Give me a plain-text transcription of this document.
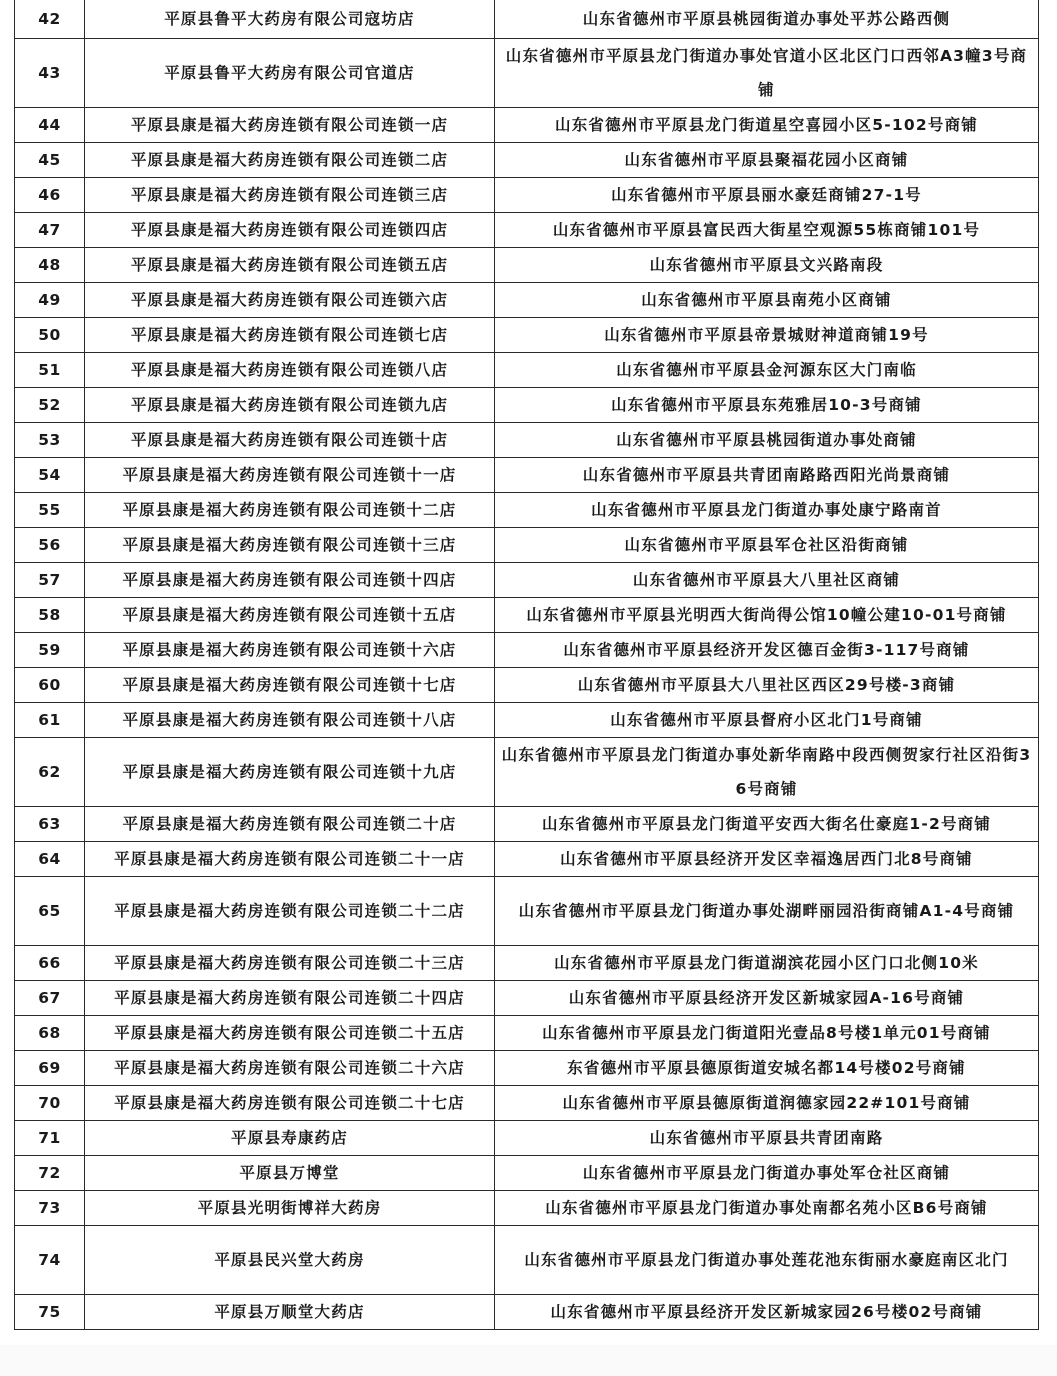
42	平原县鲁平大药房有限公司寇坊店	山东省德州市平原县桃园街道办事处平苏公路西侧
43	平原县鲁平大药房有限公司官道店	山东省德州市平原县龙门街道办事处官道小区北区门口西邻A3幢3号商铺
44	平原县康是福大药房连锁有限公司连锁一店	山东省德州市平原县龙门街道星空喜园小区5-102号商铺
45	平原县康是福大药房连锁有限公司连锁二店	山东省德州市平原县聚福花园小区商铺
46	平原县康是福大药房连锁有限公司连锁三店	山东省德州市平原县丽水豪廷商铺27-1号
47	平原县康是福大药房连锁有限公司连锁四店	山东省德州市平原县富民西大街星空观源55栋商铺101号
48	平原县康是福大药房连锁有限公司连锁五店	山东省德州市平原县文兴路南段
49	平原县康是福大药房连锁有限公司连锁六店	山东省德州市平原县南苑小区商铺
50	平原县康是福大药房连锁有限公司连锁七店	山东省德州市平原县帝景城财神道商铺19号
51	平原县康是福大药房连锁有限公司连锁八店	山东省德州市平原县金河源东区大门南临
52	平原县康是福大药房连锁有限公司连锁九店	山东省德州市平原县东苑雅居10-3号商铺
53	平原县康是福大药房连锁有限公司连锁十店	山东省德州市平原县桃园街道办事处商铺
54	平原县康是福大药房连锁有限公司连锁十一店	山东省德州市平原县共青团南路路西阳光尚景商铺
55	平原县康是福大药房连锁有限公司连锁十二店	山东省德州市平原县龙门街道办事处康宁路南首
56	平原县康是福大药房连锁有限公司连锁十三店	山东省德州市平原县军仓社区沿街商铺
57	平原县康是福大药房连锁有限公司连锁十四店	山东省德州市平原县大八里社区商铺
58	平原县康是福大药房连锁有限公司连锁十五店	山东省德州市平原县光明西大街尚得公馆10幢公建10-01号商铺
59	平原县康是福大药房连锁有限公司连锁十六店	山东省德州市平原县经济开发区德百金街3-117号商铺
60	平原县康是福大药房连锁有限公司连锁十七店	山东省德州市平原县大八里社区西区29号楼-3商铺
61	平原县康是福大药房连锁有限公司连锁十八店	山东省德州市平原县督府小区北门1号商铺
62	平原县康是福大药房连锁有限公司连锁十九店	山东省德州市平原县龙门街道办事处新华南路中段西侧贺家行社区沿街36号商铺
63	平原县康是福大药房连锁有限公司连锁二十店	山东省德州市平原县龙门街道平安西大街名仕豪庭1-2号商铺
64	平原县康是福大药房连锁有限公司连锁二十一店	山东省德州市平原县经济开发区幸福逸居西门北8号商铺
65	平原县康是福大药房连锁有限公司连锁二十二店	山东省德州市平原县龙门街道办事处湖畔丽园沿街商铺A1-4号商铺
66	平原县康是福大药房连锁有限公司连锁二十三店	山东省德州市平原县龙门街道湖滨花园小区门口北侧10米
67	平原县康是福大药房连锁有限公司连锁二十四店	山东省德州市平原县经济开发区新城家园A-16号商铺
68	平原县康是福大药房连锁有限公司连锁二十五店	山东省德州市平原县龙门街道阳光壹品8号楼1单元01号商铺
69	平原县康是福大药房连锁有限公司连锁二十六店	东省德州市平原县德原街道安城名都14号楼02号商铺
70	平原县康是福大药房连锁有限公司连锁二十七店	山东省德州市平原县德原街道润德家园22#101号商铺
71	平原县寿康药店	山东省德州市平原县共青团南路
72	平原县万博堂	山东省德州市平原县龙门街道办事处军仓社区商铺
73	平原县光明街博祥大药房	山东省德州市平原县龙门街道办事处南都名苑小区B6号商铺
74	平原县民兴堂大药房	山东省德州市平原县龙门街道办事处莲花池东街丽水豪庭南区北门
75	平原县万顺堂大药店	山东省德州市平原县经济开发区新城家园26号楼02号商铺
